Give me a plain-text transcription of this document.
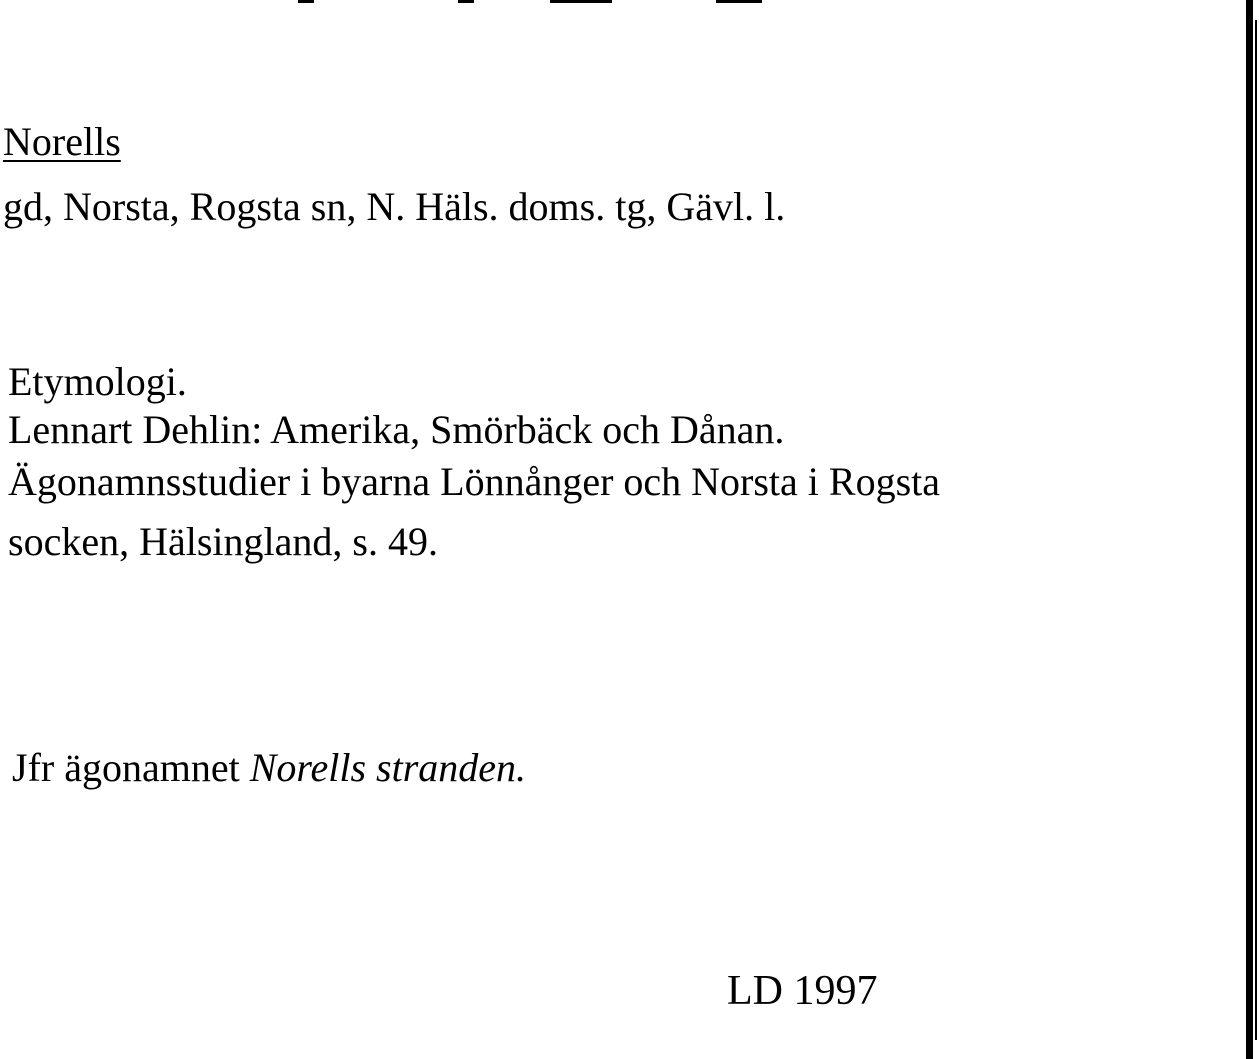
Norells

gd, Norsta, Rogsta sn, N. Häls. doms. tg, Gävl. l.

Etymologi.

Lennart Dehlin: Amerika, Smörbäck och Dånan.

Ägonamnsstudier i byarna Lönnånger och Norsta i Rogsta

socken, Hälsingland, s. 49.

Jfr ägonamnet Norells stranden.

LD 1997
